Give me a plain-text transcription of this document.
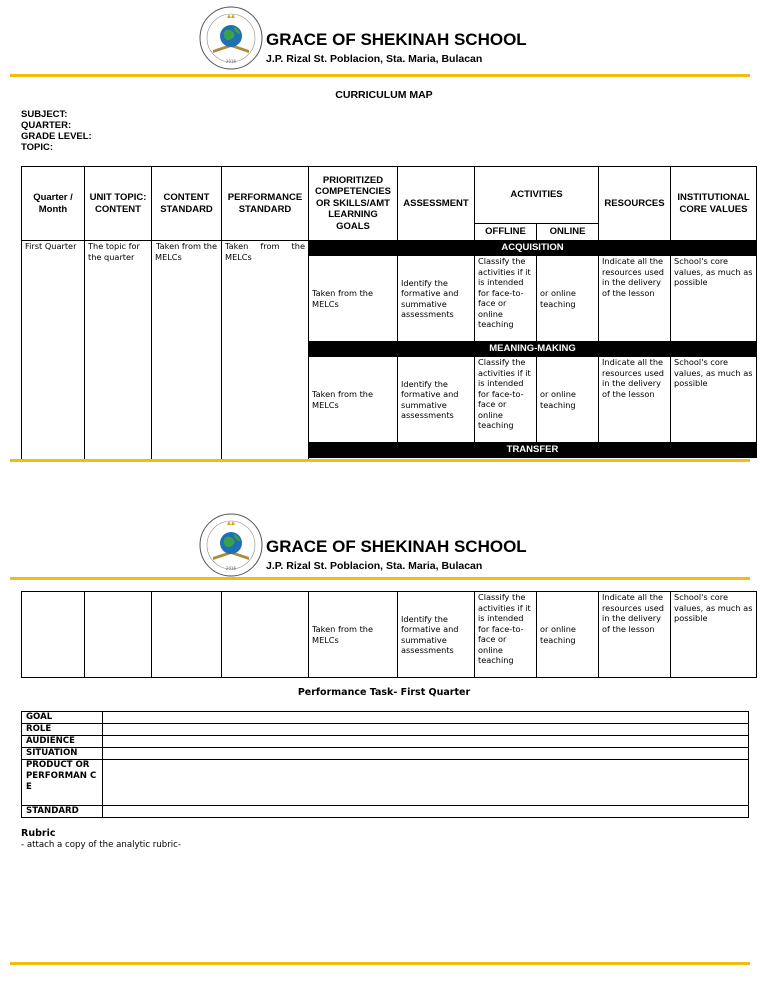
2016
GRACE OF SHEKINAH SCHOOL
J.P. Rizal St. Poblacion, Sta. Maria, Bulacan
CURRICULUM MAP
SUBJECT:
QUARTER:
GRADE LEVEL:
TOPIC:
Quarter / Month	UNIT TOPIC: CONTENT	CONTENT STANDARD	PERFORMANCE STANDARD	PRIORITIZED COMPETENCIES OR SKILLS/AMT LEARNING GOALS	ASSESSMENT	ACTIVITIES		RESOURCES	INSTITUTIONAL CORE VALUES
						OFFLINE	ONLINE		
First Quarter	The topic for the quarter	Taken from the MELCs	Taken from the MELCs	ACQUISITION					
				Taken from the MELCs	Identify the formative and summative assessments	Classify the activities if it is intended for face-to-face or online teaching	or online teaching	Indicate all the resources used in the delivery of the lesson	School's core values, as much as possible
				MEANING-MAKING					
				Taken from the MELCs	Identify the formative and summative assessments	Classify the activities if it is intended for face-to-face or online teaching	or online teaching	Indicate all the resources used in the delivery of the lesson	School's core values, as much as possible
				TRANSFER					

2016
GRACE OF SHEKINAH SCHOOL
J.P. Rizal St. Poblacion, Sta. Maria, Bulacan
				Taken from the MELCs	Identify the formative and summative assessments	Classify the activities if it is intended for face-to-face or online teaching	or online teaching	Indicate all the resources used in the delivery of the lesson	School's core values, as much as possible
Performance Task- First Quarter
GOAL	
ROLE	
AUDIENCE	
SITUATION	
PRODUCT OR PERFORMAN CE	
STANDARD	
Rubric
- attach a copy of the analytic rubric-
